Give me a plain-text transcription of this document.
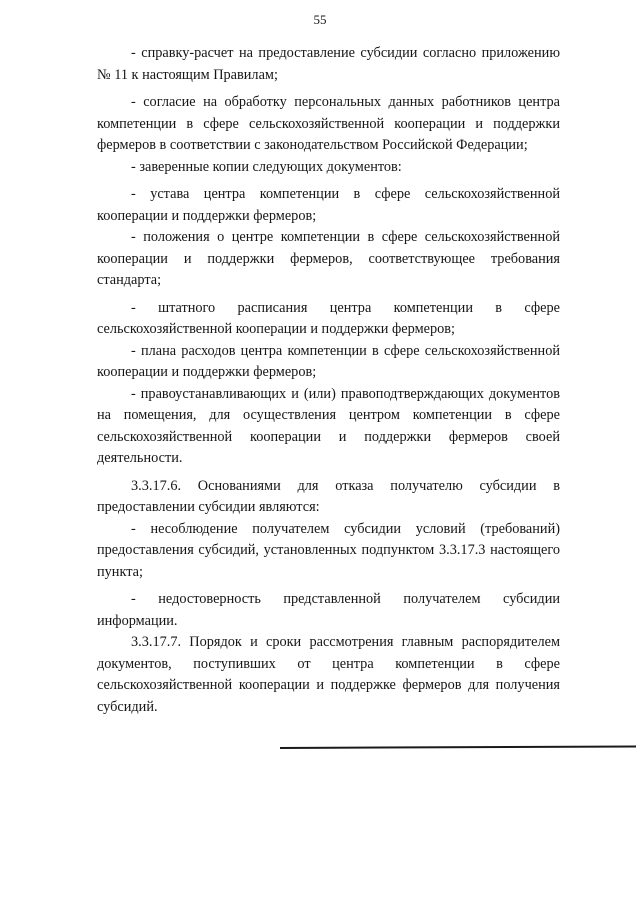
55

- справку-расчет на предоставление субсидии согласно приложению № 11 к настоящим Правилам;

- согласие на обработку персональных данных работников центра компетенции в сфере сельскохозяйственной кооперации и поддержки фермеров в соответствии с законодательством Российской Федерации;

- заверенные копии следующих документов:

- устава центра компетенции в сфере сельскохозяйственной кооперации и поддержки фермеров;

- положения о центре компетенции в сфере сельскохозяйственной кооперации и поддержки фермеров, соответствующее требования стандарта;

- штатного расписания центра компетенции в сфере сельскохозяйственной кооперации и поддержки фермеров;

- плана расходов центра компетенции в сфере сельскохозяйственной кооперации и поддержки фермеров;

- правоустанавливающих и (или) правоподтверждающих документов на помещения, для осуществления центром компетенции в сфере сельскохозяйственной кооперации и поддержки фермеров своей деятельности.

3.3.17.6. Основаниями для отказа получателю субсидии в предоставлении субсидии являются:

- несоблюдение получателем субсидии условий (требований) предоставления субсидий, установленных подпунктом 3.3.17.3 настоящего пункта;

- недостоверность представленной получателем субсидии информации.

3.3.17.7. Порядок и сроки рассмотрения главным распорядителем документов, поступивших от центра компетенции в сфере сельскохозяйственной кооперации и поддержке фермеров для получения субсидий.
